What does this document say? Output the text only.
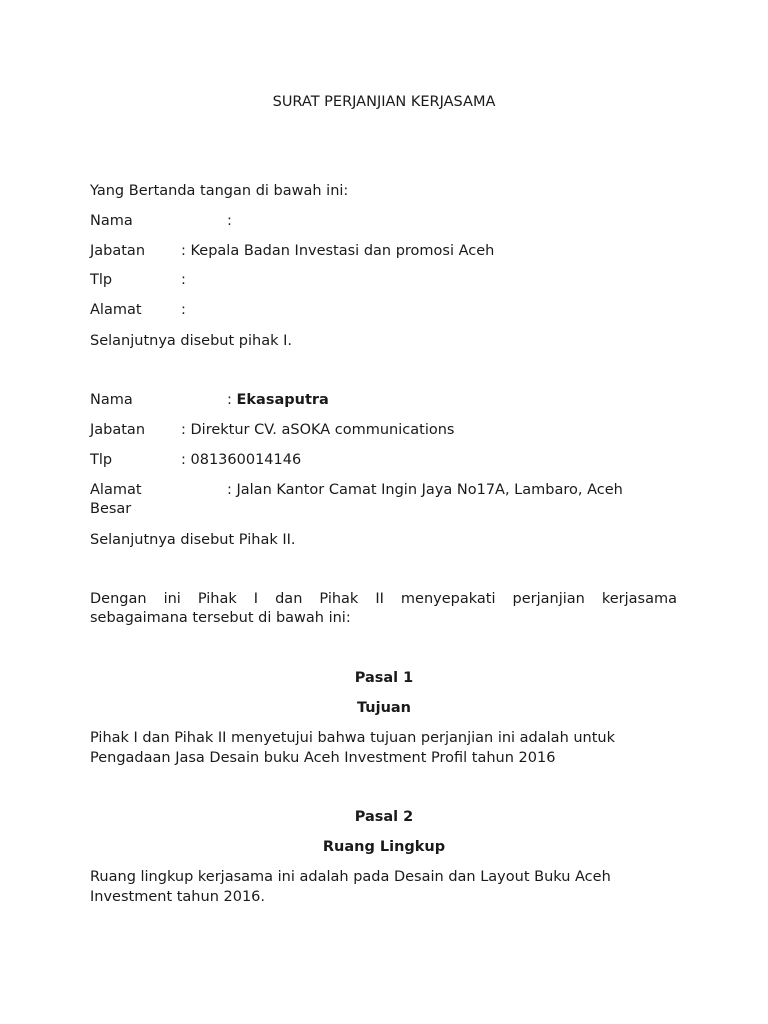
SURAT PERJANJIAN KERJASAMA
Yang Bertanda tangan di bawah ini:
Nama	:
Jabatan : Kepala Badan Investasi dan promosi Aceh
Tlp	:
Alamat	:
Selanjutnya disebut pihak I.
Nama	: Ekasaputra
Jabatan : Direktur CV. aSOKA communications
Tlp	: 081360014146
Alamat	: Jalan Kantor Camat Ingin Jaya No17A, Lambaro, Aceh
Besar
Selanjutnya disebut Pihak II.
Dengan ini Pihak I dan Pihak II menyepakati perjanjian kerjasama
sebagaimana tersebut di bawah ini:
Pasal 1
Tujuan
Pihak I dan Pihak II menyetujui bahwa tujuan perjanjian ini adalah untuk
Pengadaan Jasa Desain buku Aceh Investment Profil tahun 2016
Pasal 2
Ruang Lingkup
Ruang lingkup kerjasama ini adalah pada Desain dan Layout Buku Aceh
Investment tahun 2016.
